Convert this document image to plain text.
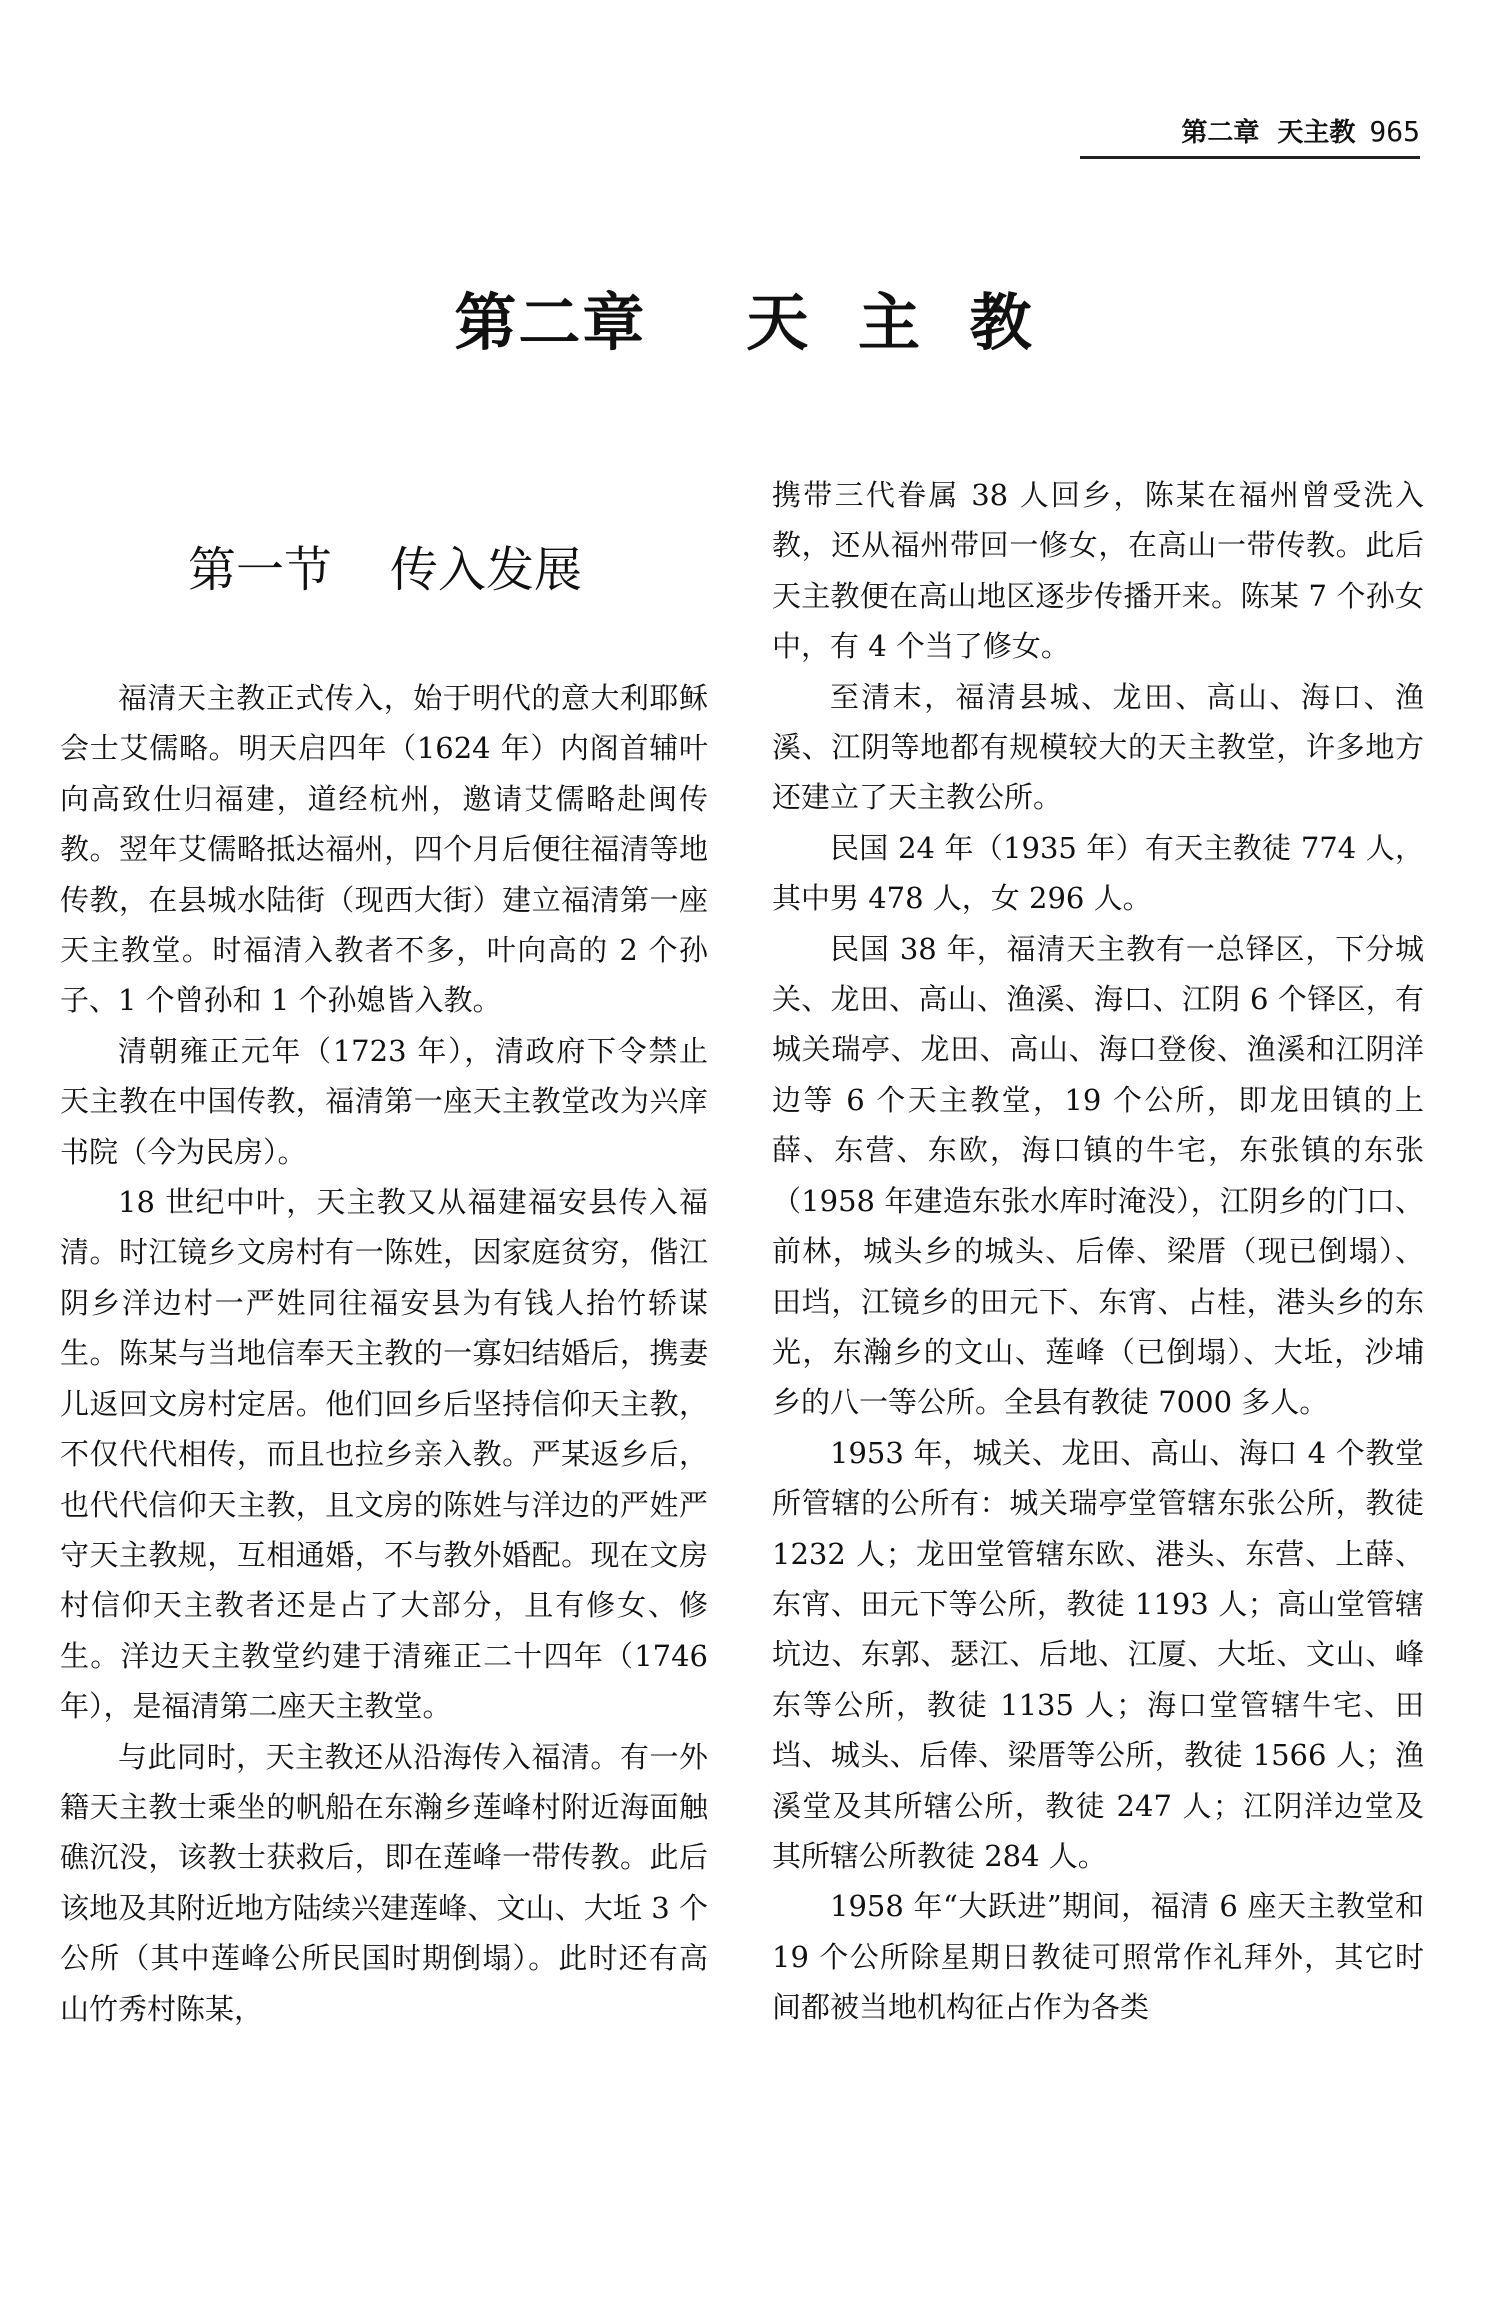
第二章 天主教 965
第二章 天 主 教
第一节 传入发展

福清天主教正式传入，始于明代的意大利耶稣会士艾儒略。明天启四年（1624 年）内阁首辅叶向高致仕归福建，道经杭州，邀请艾儒略赴闽传教。翌年艾儒略抵达福州，四个月后便往福清等地传教，在县城水陆街（现西大街）建立福清第一座天主教堂。时福清入教者不多，叶向高的 2 个孙子、1 个曾孙和 1 个孙媳皆入教。

清朝雍正元年（1723 年），清政府下令禁止天主教在中国传教，福清第一座天主教堂改为兴庠书院（今为民房）。

18 世纪中叶，天主教又从福建福安县传入福清。时江镜乡文房村有一陈姓，因家庭贫穷，偕江阴乡洋边村一严姓同往福安县为有钱人抬竹轿谋生。陈某与当地信奉天主教的一寡妇结婚后，携妻儿返回文房村定居。他们回乡后坚持信仰天主教，不仅代代相传，而且也拉乡亲入教。严某返乡后，也代代信仰天主教，且文房的陈姓与洋边的严姓严守天主教规，互相通婚，不与教外婚配。现在文房村信仰天主教者还是占了大部分，且有修女、修生。洋边天主教堂约建于清雍正二十四年（1746 年），是福清第二座天主教堂。

与此同时，天主教还从沿海传入福清。有一外籍天主教士乘坐的帆船在东瀚乡莲峰村附近海面触礁沉没，该教士获救后，即在莲峰一带传教。此后该地及其附近地方陆续兴建莲峰、文山、大坵 3 个公所（其中莲峰公所民国时期倒塌）。此时还有高山竹秀村陈某，

携带三代眷属 38 人回乡，陈某在福州曾受洗入教，还从福州带回一修女，在高山一带传教。此后天主教便在高山地区逐步传播开来。陈某 7 个孙女中，有 4 个当了修女。

至清末，福清县城、龙田、高山、海口、渔溪、江阴等地都有规模较大的天主教堂，许多地方还建立了天主教公所。

民国 24 年（1935 年）有天主教徒 774 人，其中男 478 人，女 296 人。

民国 38 年，福清天主教有一总铎区，下分城关、龙田、高山、渔溪、海口、江阴 6 个铎区，有城关瑞亭、龙田、高山、海口登俊、渔溪和江阴洋边等 6 个天主教堂，19 个公所，即龙田镇的上薛、东营、东欧，海口镇的牛宅，东张镇的东张（1958 年建造东张水库时淹没），江阴乡的门口、前林，城头乡的城头、后俸、梁厝（现已倒塌）、田垱，江镜乡的田元下、东宵、占桂，港头乡的东光，东瀚乡的文山、莲峰（已倒塌）、大坵，沙埔乡的八一等公所。全县有教徒 7000 多人。

1953 年，城关、龙田、高山、海口 4 个教堂所管辖的公所有：城关瑞亭堂管辖东张公所，教徒 1232 人；龙田堂管辖东欧、港头、东营、上薛、东宵、田元下等公所，教徒 1193 人；高山堂管辖坑边、东郭、瑟江、后地、江厦、大坵、文山、峰东等公所，教徒 1135 人；海口堂管辖牛宅、田垱、城头、后俸、梁厝等公所，教徒 1566 人；渔溪堂及其所辖公所，教徒 247 人；江阴洋边堂及其所辖公所教徒 284 人。

1958 年“大跃进”期间，福清 6 座天主教堂和 19 个公所除星期日教徒可照常作礼拜外，其它时间都被当地机构征占作为各类
